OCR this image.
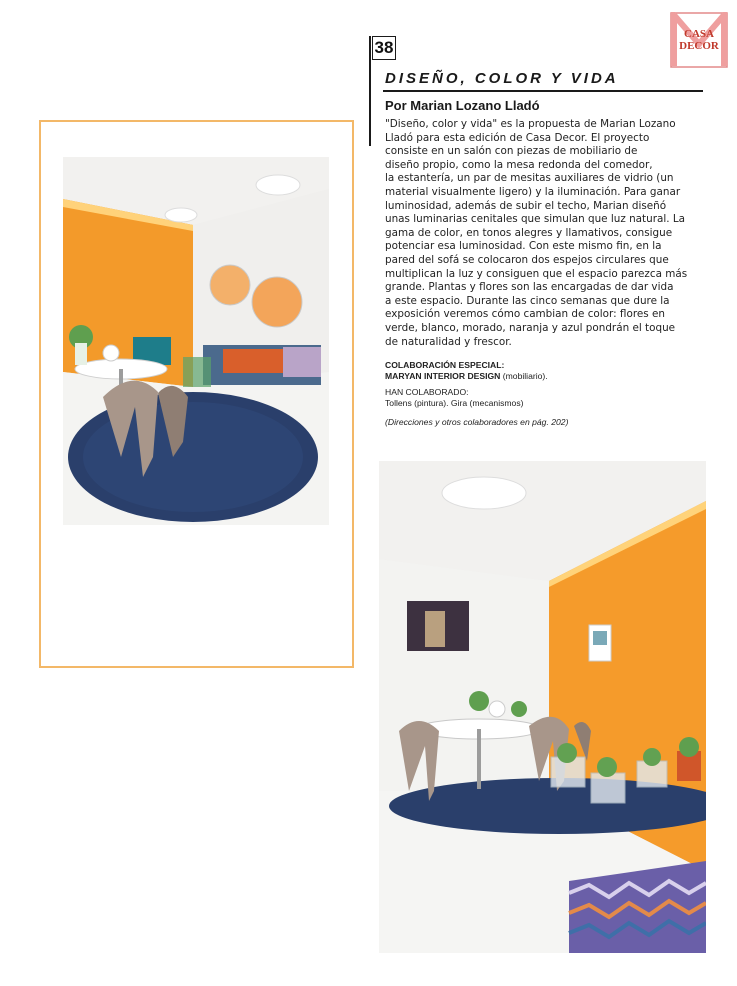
38
CASA
DECOR
DISEÑO, COLOR Y VIDA
Por Marian Lozano Lladó
"Diseño, color y vida" es la propuesta de Marian Lozano
Lladó para esta edición de Casa Decor. El proyecto
consiste en un salón con piezas de mobiliario de
diseño propio, como la mesa redonda del comedor,
la estantería, un par de mesitas auxiliares de vidrio (un
material visualmente ligero) y la iluminación. Para ganar
luminosidad, además de subir el techo, Marian diseñó
unas luminarias cenitales que simulan que luz natural. La
gama de color, en tonos alegres y llamativos, consigue
potenciar esa luminosidad. Con este mismo fin, en la
pared del sofá se colocaron dos espejos circulares que
multiplican la luz y consiguen que el espacio parezca más
grande. Plantas y flores son las encargadas de dar vida
a este espacio. Durante las cinco semanas que dure la
exposición veremos cómo cambian de color: flores en
verde, blanco, morado, naranja y azul pondrán el toque
de naturalidad y frescor.
COLABORACIÓN ESPECIAL:
MARYAN INTERIOR DESIGN (mobiliario).
HAN COLABORADO:
Tollens (pintura). Gira (mecanismos)
(Direcciones y otros colaboradores en pág. 202)
